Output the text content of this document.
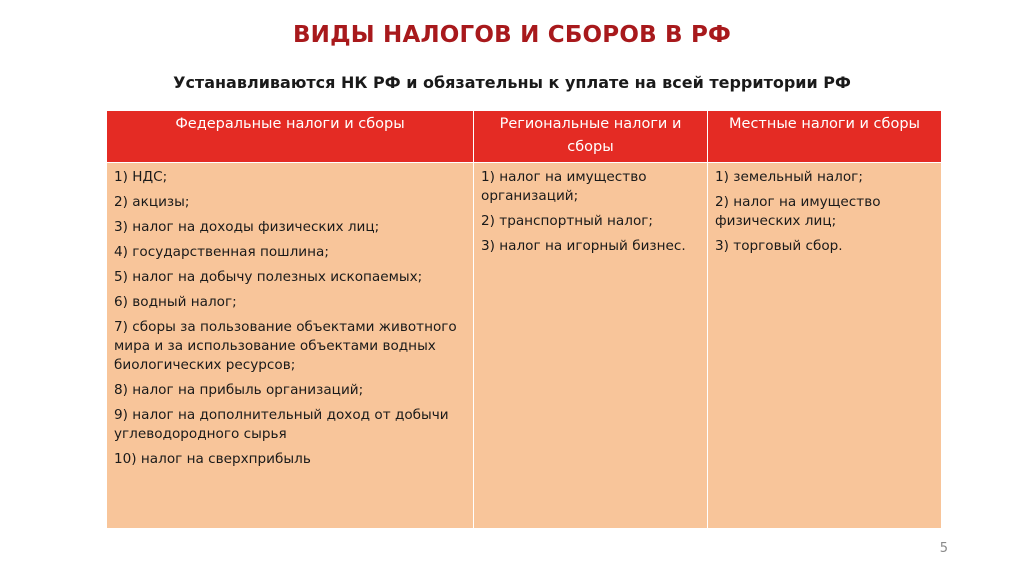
ВИДЫ НАЛОГОВ И СБОРОВ В РФ
Устанавливаются НК РФ и обязательны к уплате на всей территории РФ
Федеральные налоги и сборы	Региональные налоги и сборы
Местные налоги и сборы
1) НДС;
2) акцизы;
3) налог на доходы физических лиц;
4) государственная пошлина;
5) налог на добычу полезных ископаемых;
6) водный налог;
7) сборы за пользование объектами животного мира и за использование объектами водных биологических ресурсов;
8) налог на прибыль организаций;
9) налог на дополнительный доход от добычи углеводородного сырья
10) налог на сверхприбыль
1) налог на имущество организаций;
2) транспортный налог;
3) налог на игорный бизнес.
1) земельный налог;
2) налог на имущество физических лиц;
3) торговый сбор.
5
